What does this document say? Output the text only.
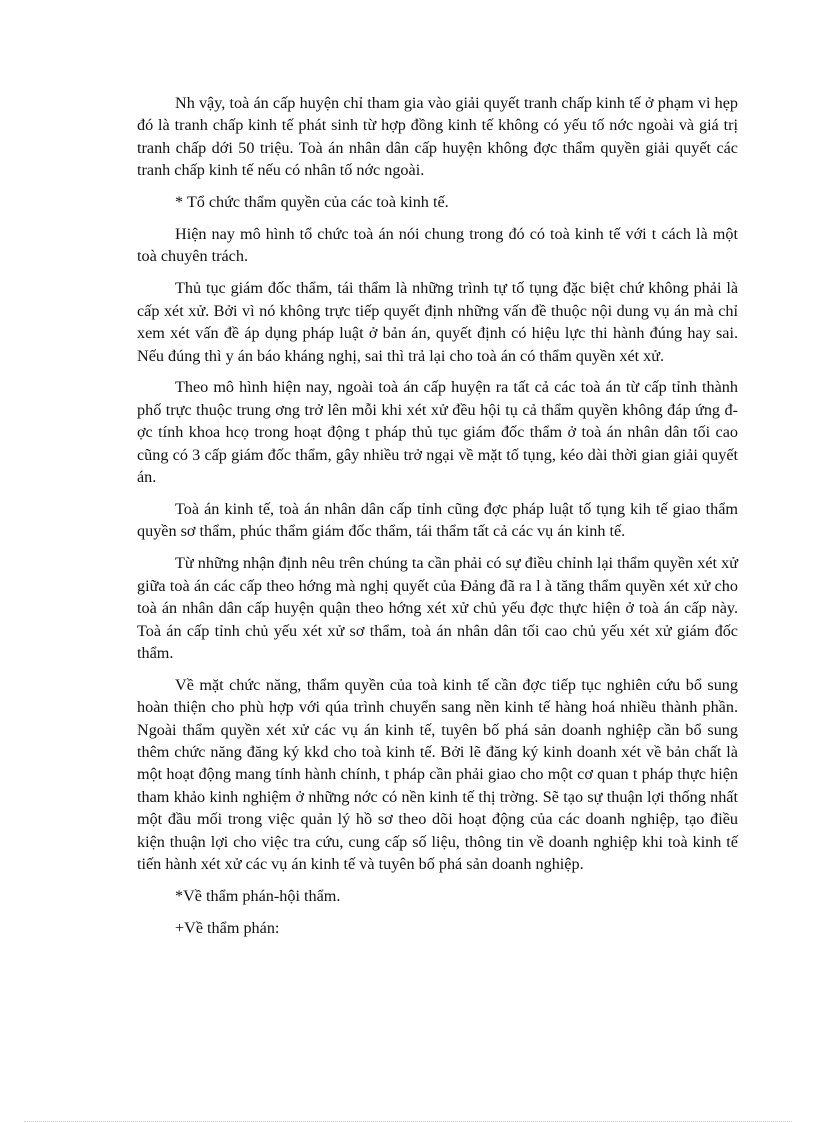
Nh vậy, toà án cấp huyện chỉ tham gia vào giải quyết tranh chấp kinh tế ở phạm vi hẹp đó là tranh chấp kinh tế phát sinh từ hợp đồng kinh tế không có yếu tố nớc ngoài và giá trị tranh chấp dới 50 triệu. Toà án nhân dân cấp huyện không đợc thẩm quyền giải quyết các tranh chấp kinh tế nếu có nhân tố nớc ngoài.

* Tổ chức thẩm quyền của các toà kinh tế.

Hiện nay mô hình tổ chức toà án nói chung trong đó có toà kinh tế với t cách là một toà chuyên trách.

Thủ tục giám đốc thẩm, tái thẩm là những trình tự tố tụng đặc biệt chứ không phải là cấp xét xử. Bởi vì nó không trực tiếp quyết định những vấn đề thuộc nội dung vụ án mà chỉ xem xét vấn đề áp dụng pháp luật ở bản án, quyết định có hiệu lực thi hành đúng hay sai. Nếu đúng thì y án báo kháng nghị, sai thì trả lại cho toà án có thẩm quyền xét xử.

Theo mô hình hiện nay, ngoài toà án cấp huyện ra tất cả các toà án từ cấp tỉnh thành phố trực thuộc trung ơng trở lên mỗi khi xét xử đều hội tụ cả thẩm quyền không đáp ứng đợc tính khoa hcọ trong hoạt động t pháp thủ tục giám đốc thẩm ở toà án nhân dân tối cao cũng có 3 cấp giám đốc thẩm, gây nhiều trở ngại về mặt tố tụng, kéo dài thời gian giải quyết án.

Toà án kinh tế, toà án nhân dân cấp tỉnh cũng đợc pháp luật tố tụng kih tế giao thẩm quyền sơ thẩm, phúc thẩm giám đốc thẩm, tái thẩm tất cả các vụ án kinh tế.

Từ những nhận định nêu trên chúng ta cần phải có sự điều chỉnh lại thẩm quyền xét xử giữa toà án các cấp theo hớng mà nghị quyết của Đảng đã ra l à tăng thẩm quyền xét xử cho toà án nhân dân cấp huyện quận theo hớng xét xử chủ yếu đợc thực hiện ở toà án cấp này. Toà án cấp tỉnh chủ yếu xét xử sơ thẩm, toà án nhân dân tối cao chủ yếu xét xử giám đốc thẩm.

Về mặt chức năng, thẩm quyền của toà kinh tế cần đợc tiếp tục nghiên cứu bổ sung hoàn thiện cho phù hợp với qúa trình chuyển sang nền kinh tế hàng hoá nhiều thành phần. Ngoài thẩm quyền xét xử các vụ án kinh tế, tuyên bố phá sản doanh nghiệp cần bổ sung thêm chức năng đăng ký kkd cho toà kinh tế. Bởi lẽ đăng ký kinh doanh xét về bản chất là một hoạt động mang tính hành chính, t pháp cần phải giao cho một cơ quan t pháp thực hiện tham khảo kinh nghiệm ở những nớc có nền kinh tế thị trờng. Sẽ tạo sự thuận lợi thống nhất một đầu mối trong việc quản lý hồ sơ theo dõi hoạt động của các doanh nghiệp, tạo điều kiện thuận lợi cho việc tra cứu, cung cấp số liệu, thông tin về doanh nghiệp khi toà kinh tế tiến hành xét xử các vụ án kinh tế và tuyên bố phá sản doanh nghiệp.

*Về thẩm phán-hội thẩm.

+Về thẩm phán:
